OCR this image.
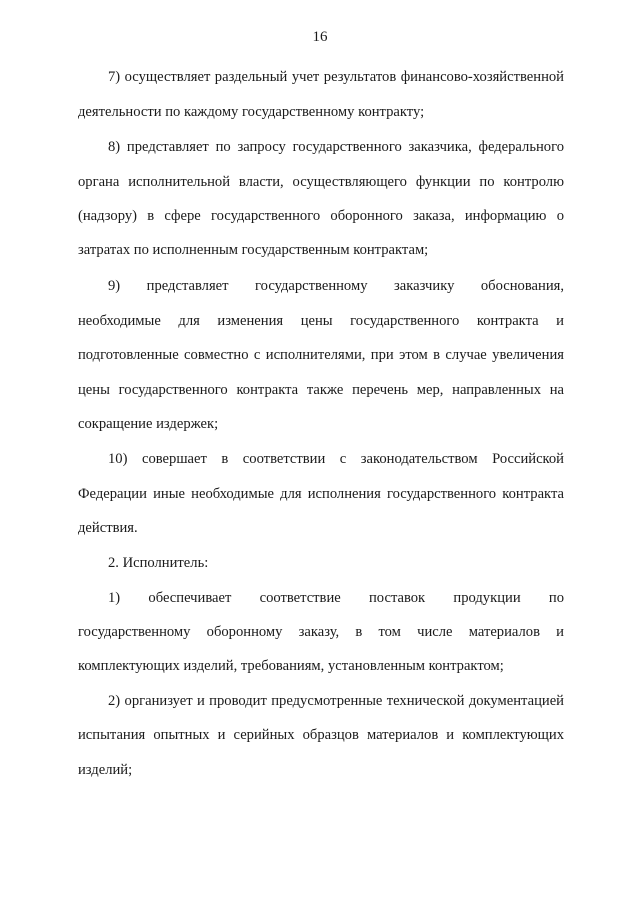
16
7) осуществляет раздельный учет результатов финансово-хозяйственной
деятельности по каждому государственному контракту;
8) представляет по запросу государственного заказчика, федерального
органа исполнительной власти, осуществляющего функции по контролю
(надзору) в сфере государственного оборонного заказа, информацию о
затратах по исполненным государственным контрактам;
9) представляет государственному заказчику обоснования,
необходимые для изменения цены государственного контракта и
подготовленные совместно с исполнителями, при этом в случае увеличения
цены государственного контракта также перечень мер, направленных на
сокращение издержек;
10) совершает в соответствии с законодательством Российской
Федерации иные необходимые для исполнения государственного контракта
действия.
2. Исполнитель:
1) обеспечивает соответствие поставок продукции по
государственному оборонному заказу, в том числе материалов и
комплектующих изделий, требованиям, установленным контрактом;
2) организует и проводит предусмотренные технической документацией
испытания опытных и серийных образцов материалов и комплектующих
изделий;
